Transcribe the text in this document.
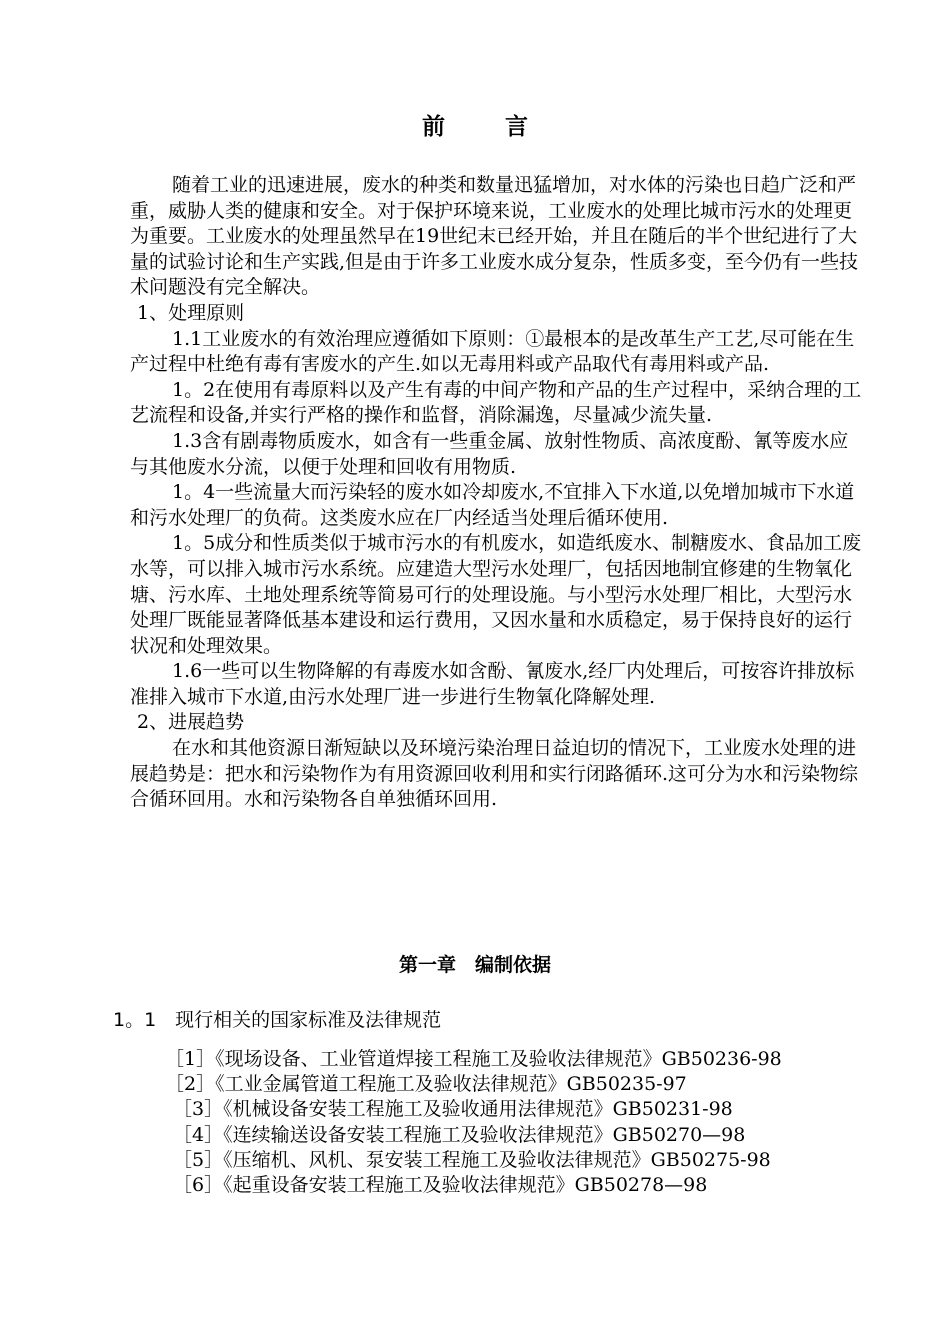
前言

随着工业的迅速进展，废水的种类和数量迅猛增加，对水体的污染也日趋广泛和严重，威胁人类的健康和安全。对于保护环境来说，工业废水的处理比城市污水的处理更为重要。工业废水的处理虽然早在19世纪末已经开始，并且在随后的半个世纪进行了大量的试验讨论和生产实践,但是由于许多工业废水成分复杂，性质多变，至今仍有一些技术问题没有完全解决。

1、处理原则

1.1工业废水的有效治理应遵循如下原则：①最根本的是改革生产工艺,尽可能在生产过程中杜绝有毒有害废水的产生.如以无毒用料或产品取代有毒用料或产品.

1。2在使用有毒原料以及产生有毒的中间产物和产品的生产过程中，采纳合理的工艺流程和设备,并实行严格的操作和监督，消除漏逸，尽量减少流失量.

1.3含有剧毒物质废水，如含有一些重金属、放射性物质、高浓度酚、氰等废水应与其他废水分流，以便于处理和回收有用物质.

1。4一些流量大而污染轻的废水如冷却废水,不宜排入下水道,以免增加城市下水道和污水处理厂的负荷。这类废水应在厂内经适当处理后循环使用.

1。5成分和性质类似于城市污水的有机废水，如造纸废水、制糖废水、食品加工废水等，可以排入城市污水系统。应建造大型污水处理厂，包括因地制宜修建的生物氧化塘、污水库、土地处理系统等简易可行的处理设施。与小型污水处理厂相比，大型污水处理厂既能显著降低基本建设和运行费用，又因水量和水质稳定，易于保持良好的运行状况和处理效果。

1.6一些可以生物降解的有毒废水如含酚、氰废水,经厂内处理后，可按容许排放标准排入城市下水道,由污水处理厂进一步进行生物氧化降解处理.

2、进展趋势

在水和其他资源日渐短缺以及环境污染治理日益迫切的情况下，工业废水处理的进展趋势是：把水和污染物作为有用资源回收利用和实行闭路循环.这可分为水和污染物综合循环回用。水和污染物各自单独循环回用.

第一章　编制依据
1。1　现行相关的国家标准及法律规范
［1］《现场设备、工业管道焊接工程施工及验收法律规范》GB50236-98
［2］《工业金属管道工程施工及验收法律规范》GB50235-97
［3］《机械设备安装工程施工及验收通用法律规范》GB50231-98
［4］《连续输送设备安装工程施工及验收法律规范》GB50270—98
［5］《压缩机、风机、泵安装工程施工及验收法律规范》GB50275-98
［6］《起重设备安装工程施工及验收法律规范》GB50278—98
